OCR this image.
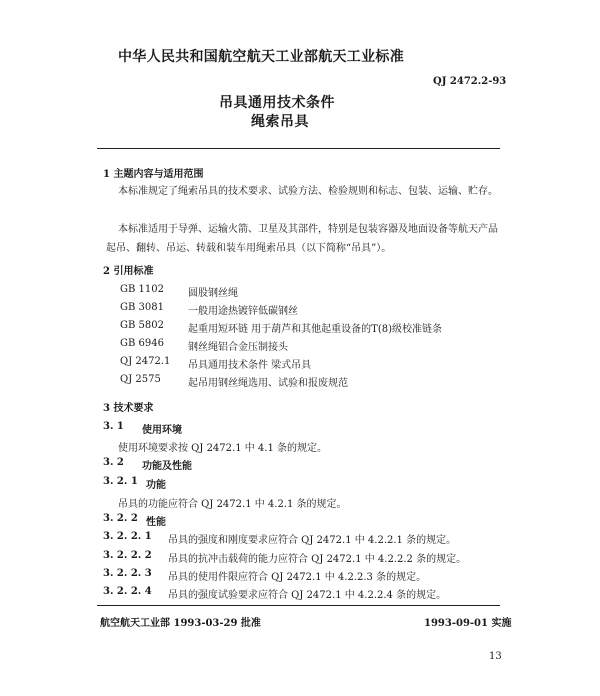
中华人民共和国航空航天工业部航天工业标准
QJ 2472.2-93
吊具通用技术条件
绳索吊具
1 主题内容与适用范围
本标准规定了绳索吊具的技术要求、试验方法、检验规则和标志、包装、运输、贮存。
本标准适用于导弹、运输火箭、卫星及其部件，特别是包装容器及地面设备等航天产品起吊、翻转、吊运、转载和装车用绳索吊具（以下简称“吊具”）。
2 引用标准
GB 1102 圆股钢丝绳
GB 3081 一般用途热镀锌低碳钢丝
GB 5802 起重用短环链 用于葫芦和其他起重设备的T(8)级校准链条
GB 6946 钢丝绳铝合金压制接头
QJ 2472.1 吊具通用技术条件 梁式吊具
QJ 2575	起吊用钢丝绳选用、试验和报废规范
3 技术要求
3. 1 使用环境
使用环境要求按 QJ 2472.1 中 4.1 条的规定。
3. 2 功能及性能
3. 2. 1 功能
吊具的功能应符合 QJ 2472.1 中 4.2.1 条的规定。
3. 2. 2 性能
3. 2. 2. 1 吊具的强度和刚度要求应符合 QJ 2472.1 中 4.2.2.1 条的规定。
3. 2. 2. 2 吊具的抗冲击载荷的能力应符合 QJ 2472.1 中 4.2.2.2 条的规定。
3. 2. 2. 3 吊具的使用件限应符合 QJ 2472.1 中 4.2.2.3 条的规定。
3. 2. 2. 4 吊具的强度试验要求应符合 QJ 2472.1 中 4.2.2.4 条的规定。
航空航天工业部 1993-03-29 批准	1993-09-01 实施
13
